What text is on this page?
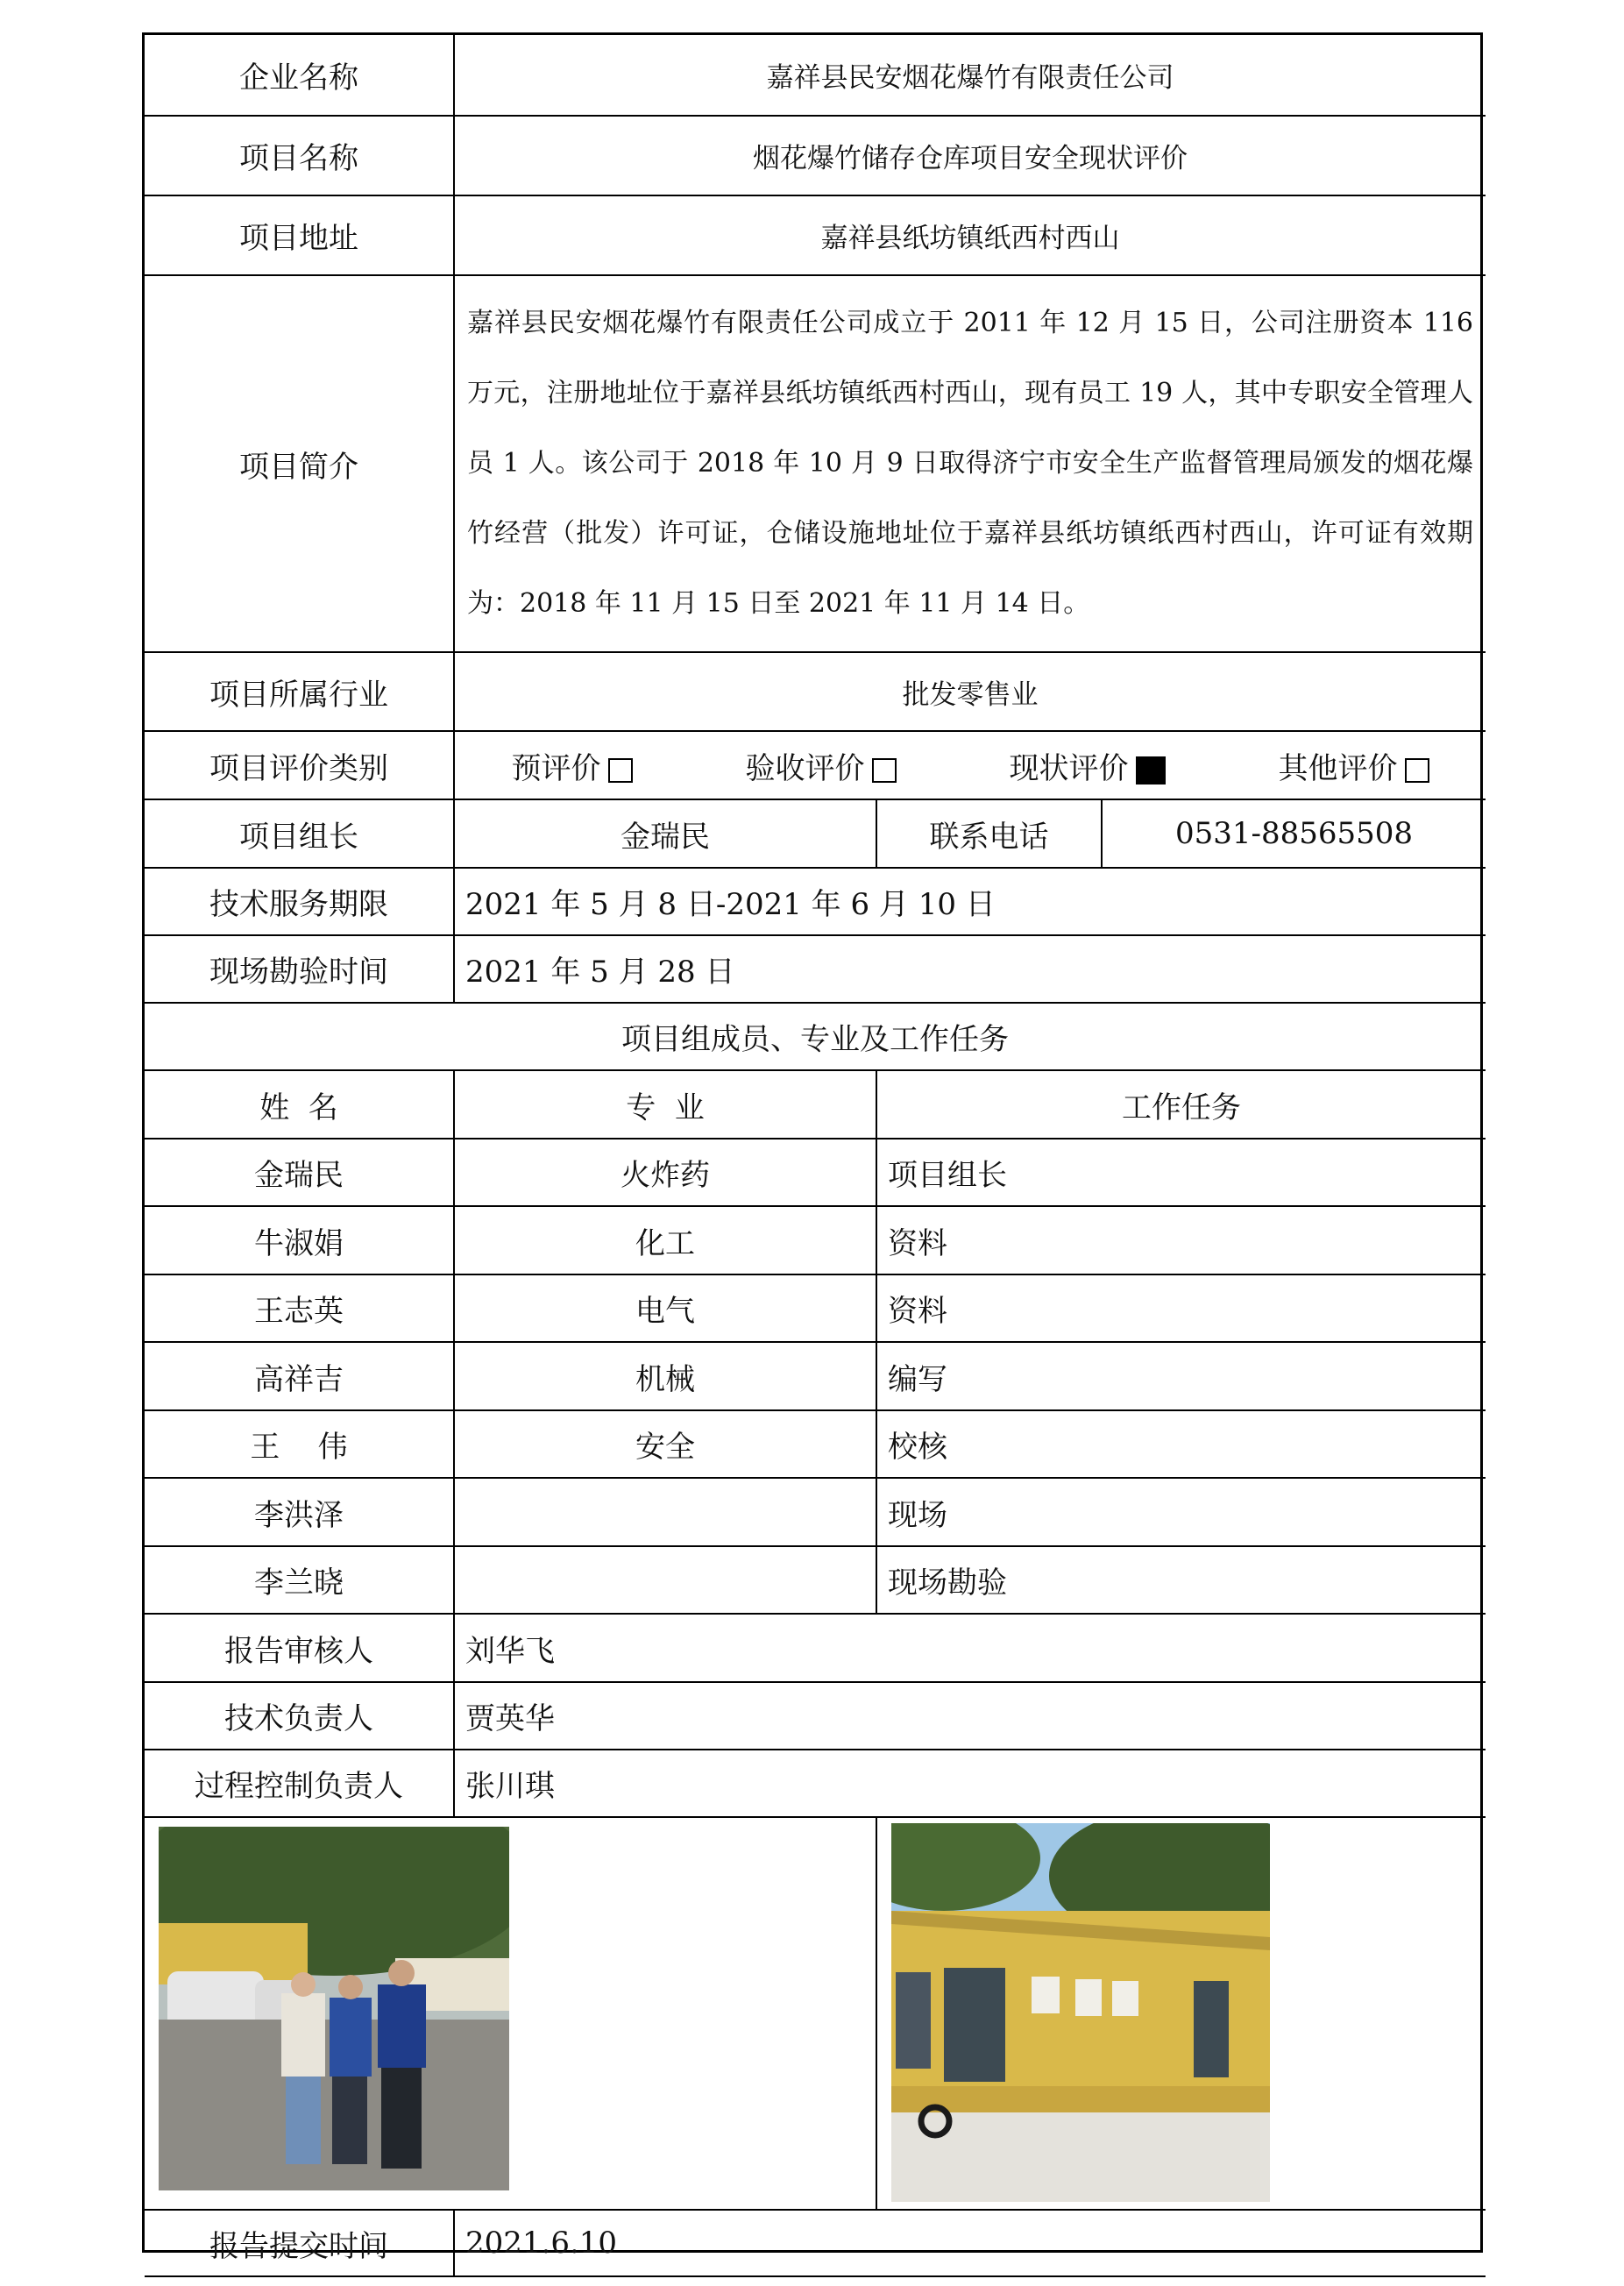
企业名称	嘉祥县民安烟花爆竹有限责任公司		
项目名称	烟花爆竹储存仓库项目安全现状评价		
项目地址	嘉祥县纸坊镇纸西村西山		
项目简介	嘉祥县民安烟花爆竹有限责任公司成立于 2011 年 12 月 15 日，公司注册资本 116 万元，注册地址位于嘉祥县纸坊镇纸西村西山，现有员工 19 人，其中专职安全管理人员 1 人。该公司于 2018 年 10 月 9 日取得济宁市安全生产监督管理局颁发的烟花爆竹经营（批发）许可证，仓储设施地址位于嘉祥县纸坊镇纸西村西山，许可证有效期为：2018 年 11 月 15 日至 2021 年 11 月 14 日。		
项目所属行业	批发零售业		
项目评价类别	预评价 验收评价 现状评价 其他评价		

项目组长	金瑞民	联系电话	0531-88565508
技术服务期限	2021 年 5 月 8 日-2021 年 6 月 10 日		
现场勘验时间	2021 年 5 月 28 日		
项目组成员、专业及工作任务			
姓  名	专  业	工作任务	
金瑞民	火炸药	项目组长	
牛淑娟	化工	资料	
王志英	电气	资料	
高祥吉	机械	编写	
王    伟	安全	校核	
李洪泽		现场	
李兰晓		现场勘验	
报告审核人	刘华飞		
技术负责人	贾英华		
过程控制负责人	张川琪		

报告提交时间	2021.6.10		
